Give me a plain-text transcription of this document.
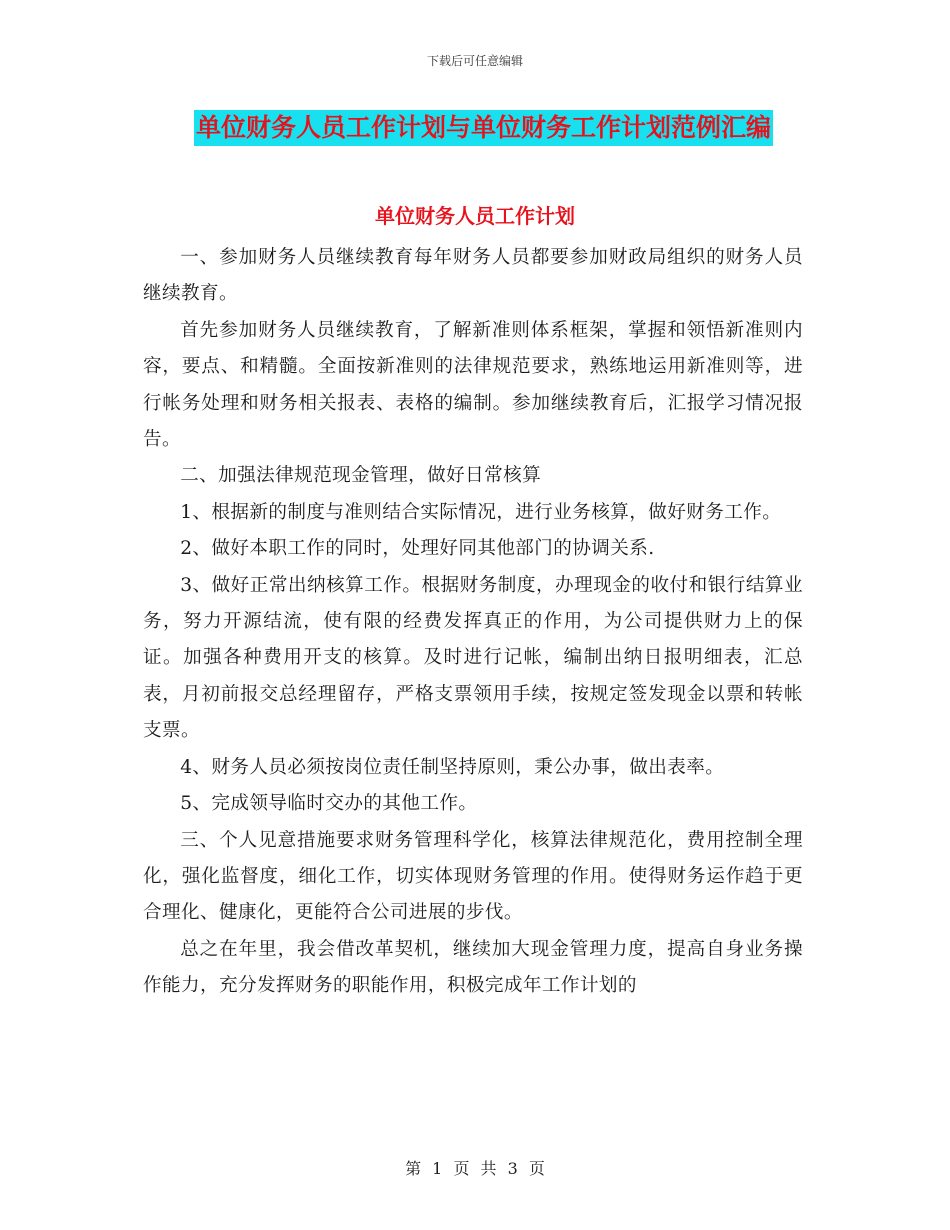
下载后可任意编辑
单位财务人员工作计划与单位财务工作计划范例汇编
单位财务人员工作计划

一、参加财务人员继续教育每年财务人员都要参加财政局组织的财务人员继续教育。

首先参加财务人员继续教育，了解新准则体系框架，掌握和领悟新准则内容，要点、和精髓。全面按新准则的法律规范要求，熟练地运用新准则等，进行帐务处理和财务相关报表、表格的编制。参加继续教育后，汇报学习情况报告。

二、加强法律规范现金管理，做好日常核算

1、根据新的制度与准则结合实际情况，进行业务核算，做好财务工作。

2、做好本职工作的同时，处理好同其他部门的协调关系.

3、做好正常出纳核算工作。根据财务制度，办理现金的收付和银行结算业务，努力开源结流，使有限的经费发挥真正的作用，为公司提供财力上的保证。加强各种费用开支的核算。及时进行记帐，编制出纳日报明细表，汇总表，月初前报交总经理留存，严格支票领用手续，按规定签发现金以票和转帐支票。

4、财务人员必须按岗位责任制坚持原则，秉公办事，做出表率。

5、完成领导临时交办的其他工作。

三、个人见意措施要求财务管理科学化，核算法律规范化，费用控制全理化，强化监督度，细化工作，切实体现财务管理的作用。使得财务运作趋于更合理化、健康化，更能符合公司进展的步伐。

总之在年里，我会借改革契机，继续加大现金管理力度，提高自身业务操作能力，充分发挥财务的职能作用，积极完成年工作计划的

第 1 页 共 3 页
